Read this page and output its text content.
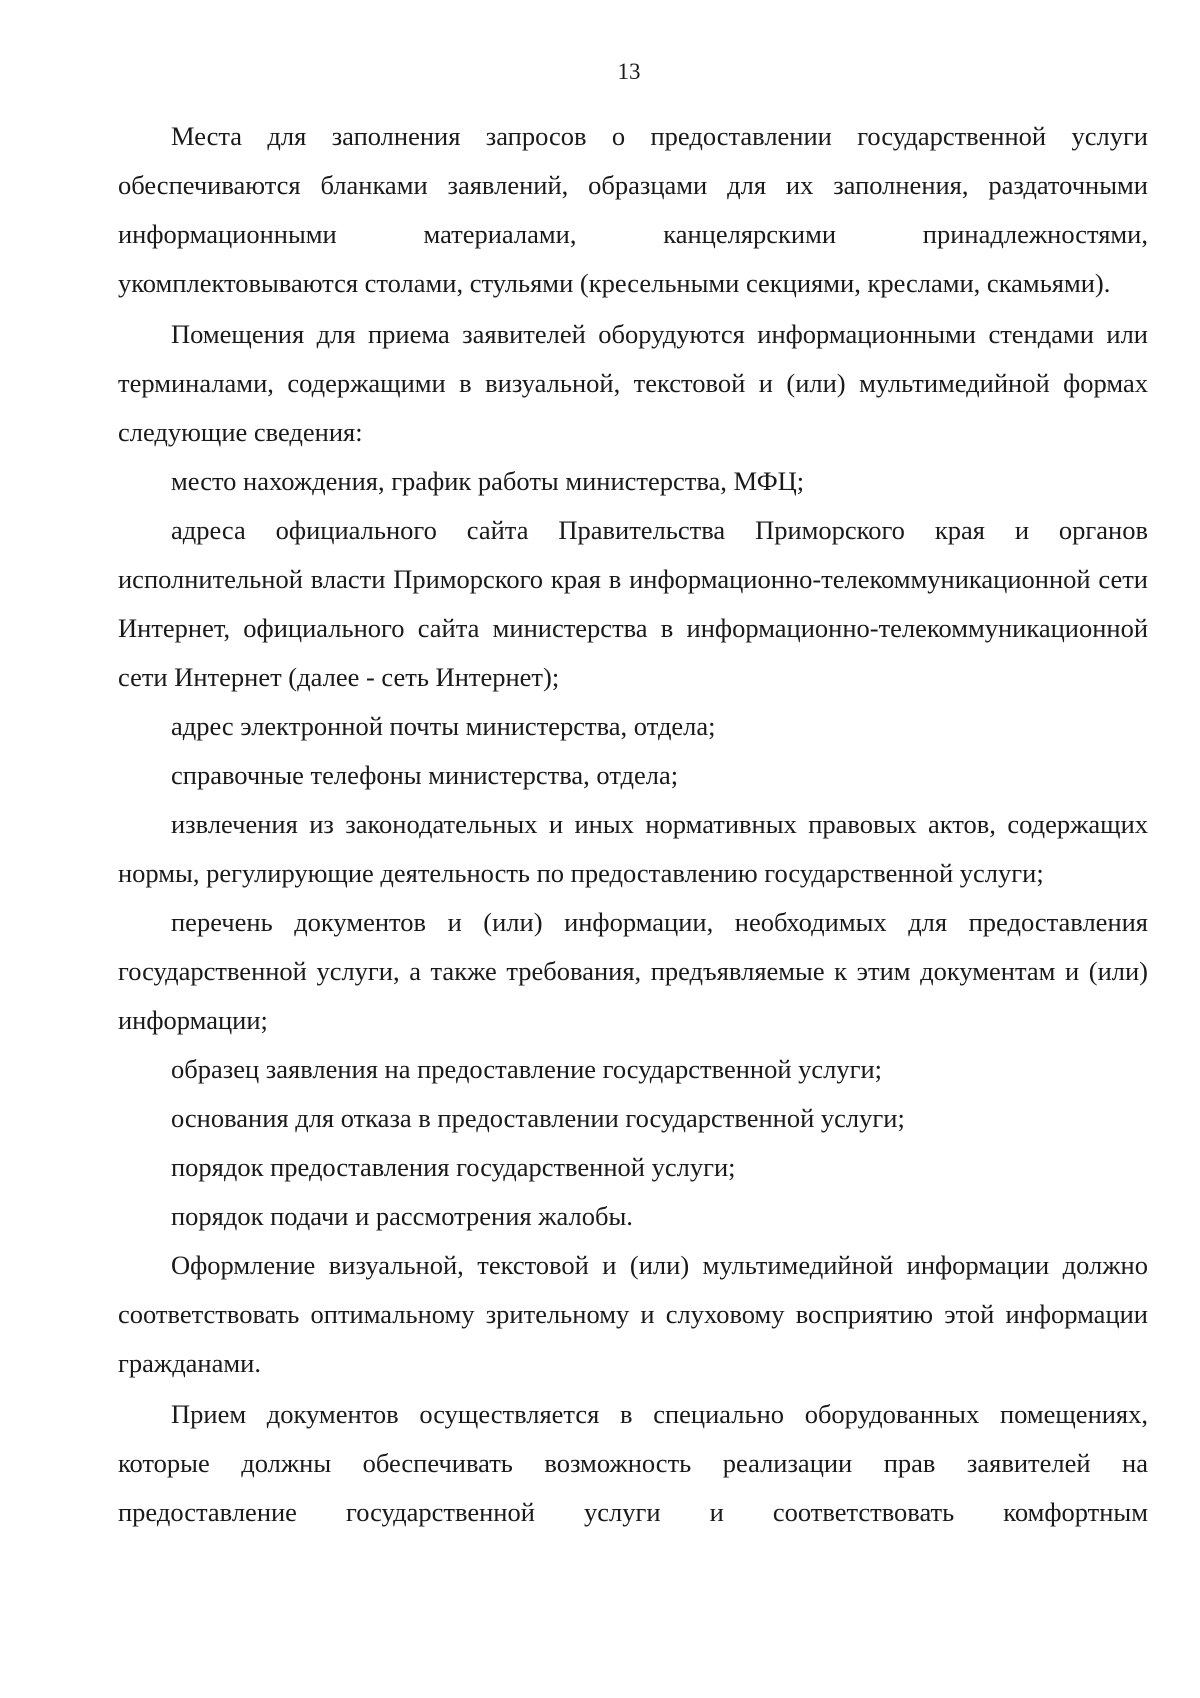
13

Места для заполнения запросов о предоставлении государственной услуги обеспечиваются бланками заявлений, образцами для их заполнения, раздаточными информационными материалами, канцелярскими принадлежностями, укомплектовываются столами, стульями (кресельными секциями, креслами, скамьями).

Помещения для приема заявителей оборудуются информационными стендами или терминалами, содержащими в визуальной, текстовой и (или) мультимедийной формах следующие сведения:

место нахождения, график работы министерства, МФЦ;

адреса официального сайта Правительства Приморского края и органов исполнительной власти Приморского края в информационно-телекоммуникационной сети Интернет, официального сайта министерства в информационно-телекоммуникационной сети Интернет (далее - сеть Интернет);

адрес электронной почты министерства, отдела;

справочные телефоны министерства, отдела;

извлечения из законодательных и иных нормативных правовых актов, содержащих нормы, регулирующие деятельность по предоставлению государственной услуги;

перечень документов и (или) информации, необходимых для предоставления государственной услуги, а также требования, предъявляемые к этим документам и (или) информации;

образец заявления на предоставление государственной услуги;

основания для отказа в предоставлении государственной услуги;

порядок предоставления государственной услуги;

порядок подачи и рассмотрения жалобы.

Оформление визуальной, текстовой и (или) мультимедийной информации должно соответствовать оптимальному зрительному и слуховому восприятию этой информации гражданами.

Прием документов осуществляется в специально оборудованных помещениях, которые должны обеспечивать возможность реализации прав заявителей на предоставление государственной услуги и соответствовать комфортным
